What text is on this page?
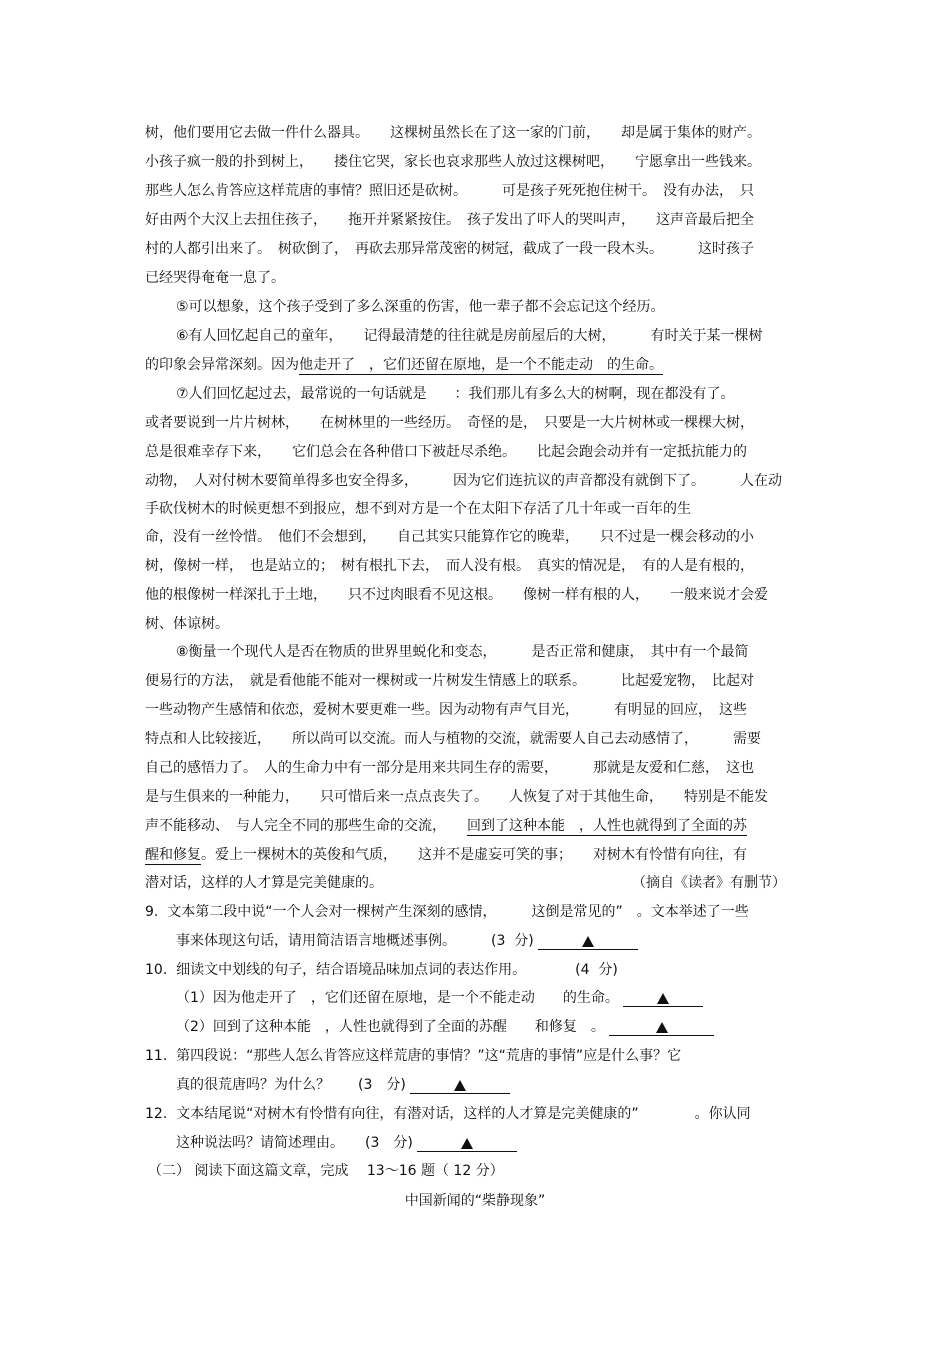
树，他们要用它去做一件什么器具。　　这棵树虽然长在了这一家的门前，　　却是属于集体的财产。
小孩子疯一般的扑到树上，　　搂住它哭，家长也哀求那些人放过这棵树吧，　　宁愿拿出一些钱来。
那些人怎么肯答应这样荒唐的事情？照旧还是砍树。　　　可是孩子死死抱住树干。　没有办法，　只
好由两个大汉上去扭住孩子，　　拖开并紧紧按住。　孩子发出了吓人的哭叫声，　　这声音最后把全
村的人都引出来了。　树砍倒了，　再砍去那异常茂密的树冠，截成了一段一段木头。　　　这时孩子
已经哭得奄奄一息了。
⑤可以想象，这个孩子受到了多么深重的伤害，他一辈子都不会忘记这个经历。
⑥有人回忆起自己的童年，　　记得最清楚的往往就是房前屋后的大树，　　　有时关于某一棵树
的印象会异常深刻。因为他走开了　，它们还留在原地，是一个不能走动　的生命。
⑦人们回忆起过去，最常说的一句话就是　　：我们那儿有多么大的树啊，现在都没有了。
或者要说到一片片树林，　　在树林里的一些经历。　奇怪的是，　只要是一大片树林或一棵棵大树，
总是很难幸存下来，　　它们总会在各种借口下被赶尽杀绝。　　比起会跑会动并有一定抵抗能力的
动物，　人对付树木要简单得多也安全得多，　　　因为它们连抗议的声音都没有就倒下了。　　　人在动
手砍伐树木的时候更想不到报应，想不到对方是一个在太阳下存活了几十年或一百年的生
命，没有一丝怜惜。　他们不会想到，　　自己其实只能算作它的晚辈，　　只不过是一棵会移动的小
树，像树一样，　也是站立的；　树有根扎下去，　而人没有根。　真实的情况是，　有的人是有根的，
他的根像树一样深扎于土地，　　只不过肉眼看不见这根。　　像树一样有根的人，　　一般来说才会爱
树、体谅树。
⑧衡量一个现代人是否在物质的世界里蜕化和变态，　　　是否正常和健康，　其中有一个最简
便易行的方法，　就是看他能不能对一棵树或一片树发生情感上的联系。　　　比起爱宠物，　比起对
一些动物产生感情和依恋，爱树木要更难一些。因为动物有声气目光，　　　有明显的回应，　这些
特点和人比较接近，　　所以尚可以交流。而人与植物的交流，就需要人自己去动感情了，　　　需要
自己的感悟力了。　人的生命力中有一部分是用来共同生存的需要，　　　那就是友爱和仁慈，　这也
是与生俱来的一种能力，　　只可惜后来一点点丧失了。　　人恢复了对于其他生命，　　特别是不能发
声不能移动、　与人完全不同的那些生命的交流，　　回到了这种本能　，人性也就得到了全面的苏
醒和修复。爱上一棵树木的英俊和气质，　　这并不是虚妄可笑的事；　　对树木有怜惜有向往，有
潜对话，这样的人才算是完美健康的。	（摘自《读者》有删节）
9.  文本第二段中说“一个人会对一棵树产生深刻的感情，　　　这倒是常见的”　。文本举述了一些
事来体现这句话，请用简洁语言地概述事例。　　　(3  分)
10.  细读文中划线的句子，结合语境品味加点词的表达作用。　　　　(4  分)
（1）因为他走开了　，它们还留在原地，是一个不能走动　　的生命。
（2）回到了这种本能　，人性也就得到了全面的苏醒　　和修复　。
11.  第四段说：“那些人怎么肯答应这样荒唐的事情？”这“荒唐的事情”应是什么事？它
真的很荒唐吗？为什么？　　(3　分)
12.  文本结尾说“对树木有怜惜有向往，有潜对话，这样的人才算是完美健康的”　　　　。你认同
这种说法吗？请简述理由。　　(3　分)
（二） 阅读下面这篇文章，完成　 13～16 题（ 12 分）
中国新闻的“柴静现象”
